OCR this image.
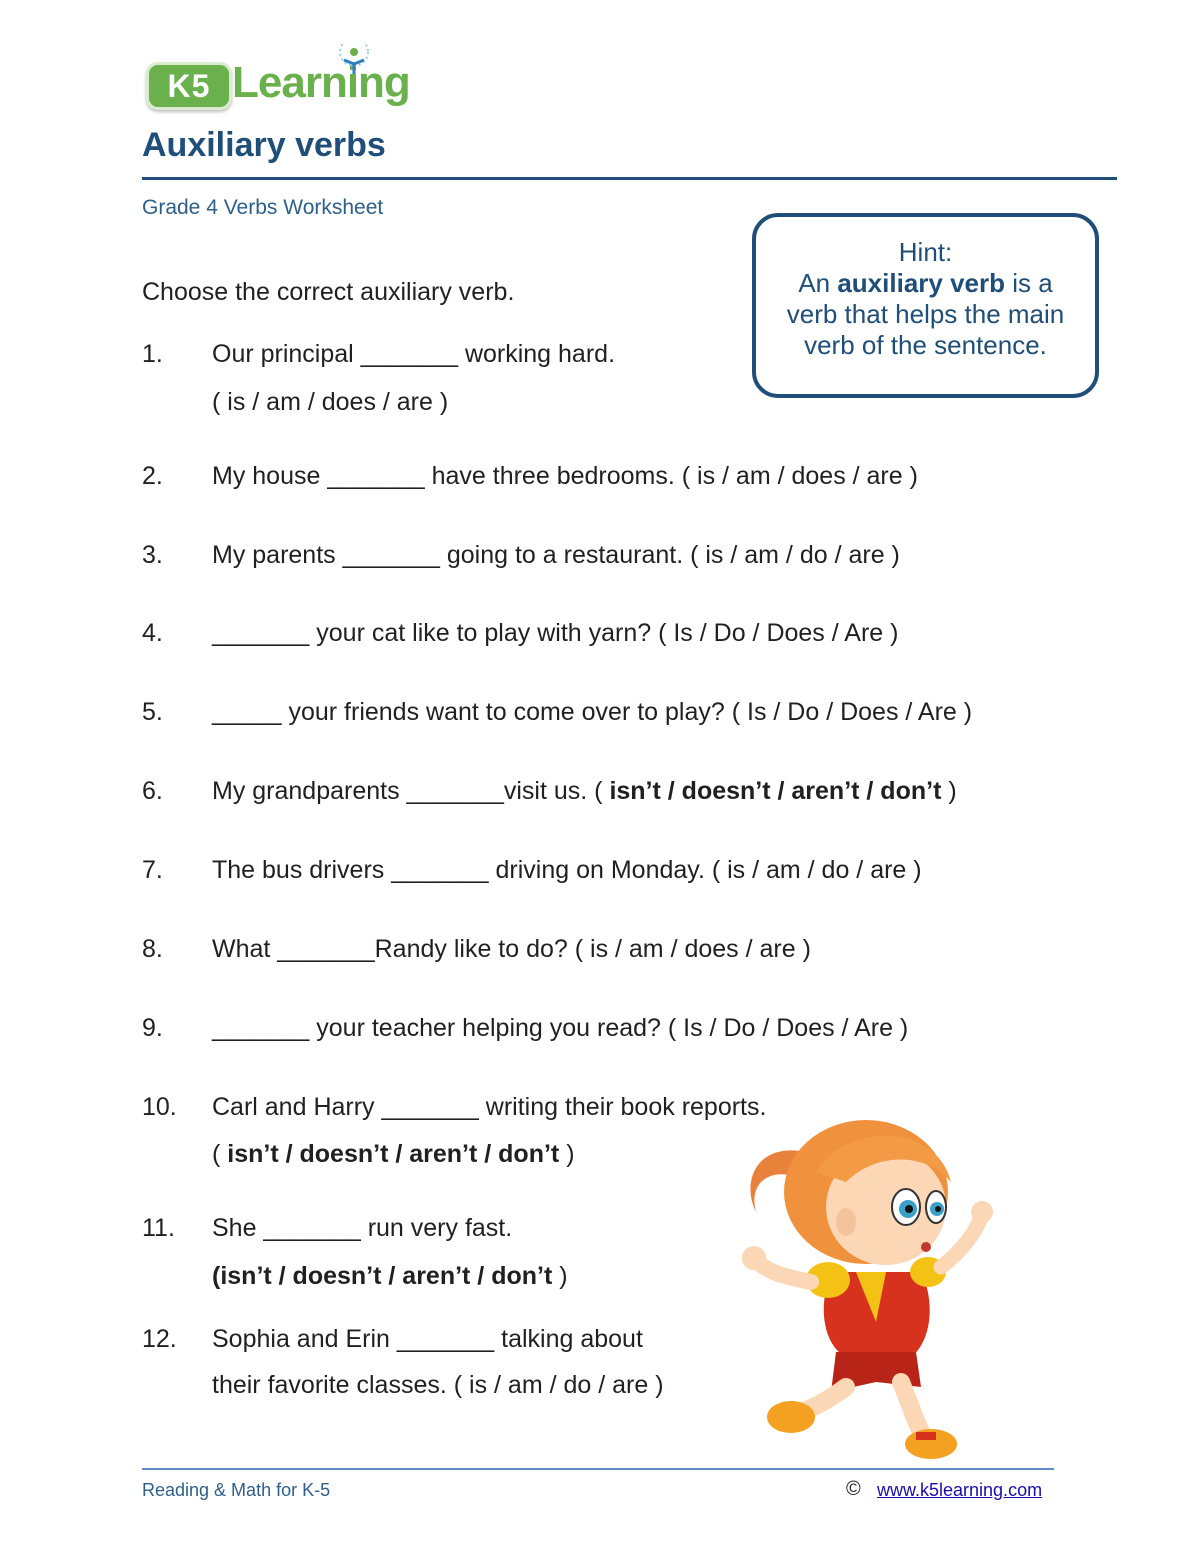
K5 Learning
Auxiliary verbs
Grade 4 Verbs Worksheet
Hint:
An auxiliary verb is a
verb that helps the main
verb of the sentence.
Choose the correct auxiliary verb.
1. Our principal _______ working hard.
( is / am / does / are )
2. My house _______ have three bedrooms. ( is / am / does / are )
3. My parents _______ going to a restaurant. ( is / am / do / are )
4. _______ your cat like to play with yarn? ( Is / Do / Does / Are )
5. _____ your friends want to come over to play? ( Is / Do / Does / Are )
6. My grandparents _______visit us. ( isn’t / doesn’t / aren’t / don’t )
7. The bus drivers _______ driving on Monday. ( is / am / do / are )
8. What _______Randy like to do? ( is / am / does / are )
9. _______ your teacher helping you read? ( Is / Do / Does / Are )
10. Carl and Harry _______ writing their book reports.
( isn’t / doesn’t / aren’t / don’t )
11. She _______ run very fast.
(isn’t / doesn’t / aren’t / don’t )
12. Sophia and Erin _______ talking about
their favorite classes. ( is / am / do / are )
Reading & Math for K-5	© www.k5learning.com
